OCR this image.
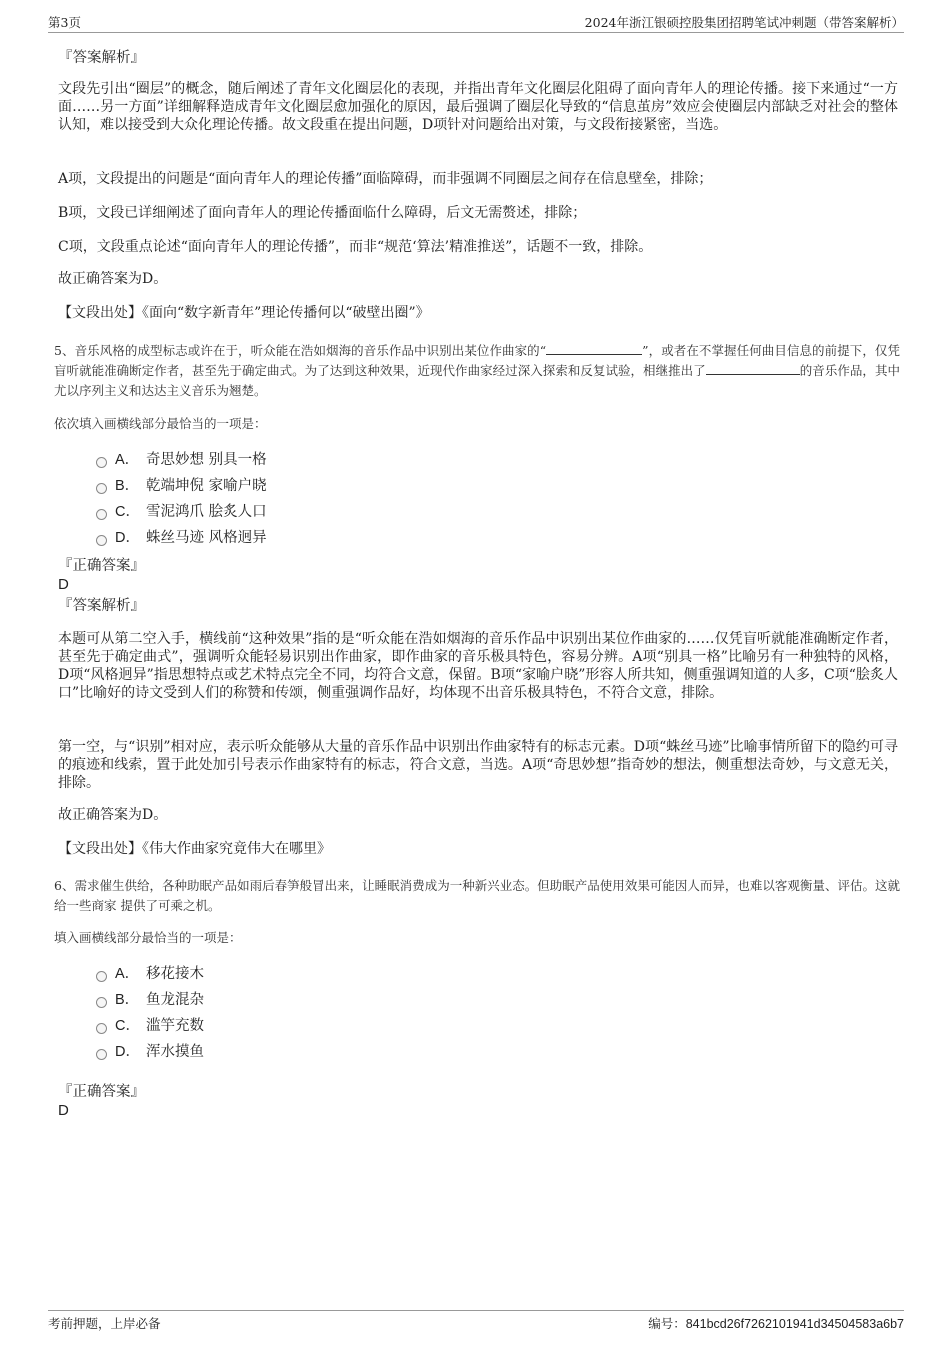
第3页	2024年浙江银硕控股集团招聘笔试冲刺题（带答案解析）
『答案解析』

文段先引出“圈层”的概念，随后阐述了青年文化圈层化的表现，并指出青年文化圈层化阻碍了面向青年人的理论传播。接下来通过“一方面……另一方面”详细解释造成青年文化圈层愈加强化的原因，最后强调了圈层化导致的“信息茧房”效应会使圈层内部缺乏对社会的整体认知，难以接受到大众化理论传播。故文段重在提出问题，D项针对问题给出对策，与文段衔接紧密，当选。

A项，文段提出的问题是“面向青年人的理论传播”面临障碍，而非强调不同圈层之间存在信息壁垒，排除；

B项，文段已详细阐述了面向青年人的理论传播面临什么障碍，后文无需赘述，排除；

C项，文段重点论述“面向青年人的理论传播”，而非“规范‘算法’精准推送”，话题不一致，排除。

故正确答案为D。

【文段出处】《面向“数字新青年”理论传播何以“破壁出圈”》

5、音乐风格的成型标志或许在于，听众能在浩如烟海的音乐作品中识别出某位作曲家的“	”，或者在不掌握任何曲目信息的前提下，仅凭盲听就能准确断定作者，甚至先于确定曲式。为了达到这种效果，近现代作曲家经过深入探索和反复试验，相继推出了	的音乐作品，其中尤以序列主义和达达主义音乐为翘楚。

依次填入画横线部分最恰当的一项是：

A． 奇思妙想 别具一格
B． 乾端坤倪 家喻户晓
C． 雪泥鸿爪 脍炙人口
D． 蛛丝马迹 风格迥异
『正确答案』
D
『答案解析』

本题可从第二空入手，横线前“这种效果”指的是“听众能在浩如烟海的音乐作品中识别出某位作曲家的……仅凭盲听就能准确断定作者，甚至先于确定曲式”，强调听众能轻易识别出作曲家，即作曲家的音乐极具特色，容易分辨。A项“别具一格”比喻另有一种独特的风格，D项“风格迥异”指思想特点或艺术特点完全不同，均符合文意，保留。B项“家喻户晓”形容人所共知，侧重强调知道的人多，C项“脍炙人口”比喻好的诗文受到人们的称赞和传颂，侧重强调作品好，均体现不出音乐极具特色，不符合文意，排除。

第一空，与“识别”相对应，表示听众能够从大量的音乐作品中识别出作曲家特有的标志元素。D项“蛛丝马迹”比喻事情所留下的隐约可寻的痕迹和线索，置于此处加引号表示作曲家特有的标志，符合文意，当选。A项“奇思妙想”指奇妙的想法，侧重想法奇妙，与文意无关，排除。

故正确答案为D。

【文段出处】《伟大作曲家究竟伟大在哪里》

6、需求催生供给，各种助眠产品如雨后春笋般冒出来，让睡眠消费成为一种新兴业态。但助眠产品使用效果可能因人而异，也难以客观衡量、评估。这就给一些商家 提供了可乘之机。

填入画横线部分最恰当的一项是：

A． 移花接木
B． 鱼龙混杂
C． 滥竽充数
D． 浑水摸鱼
『正确答案』
D
考前押题，上岸必备	编号：841bcd26f7262101941d34504583a6b7
